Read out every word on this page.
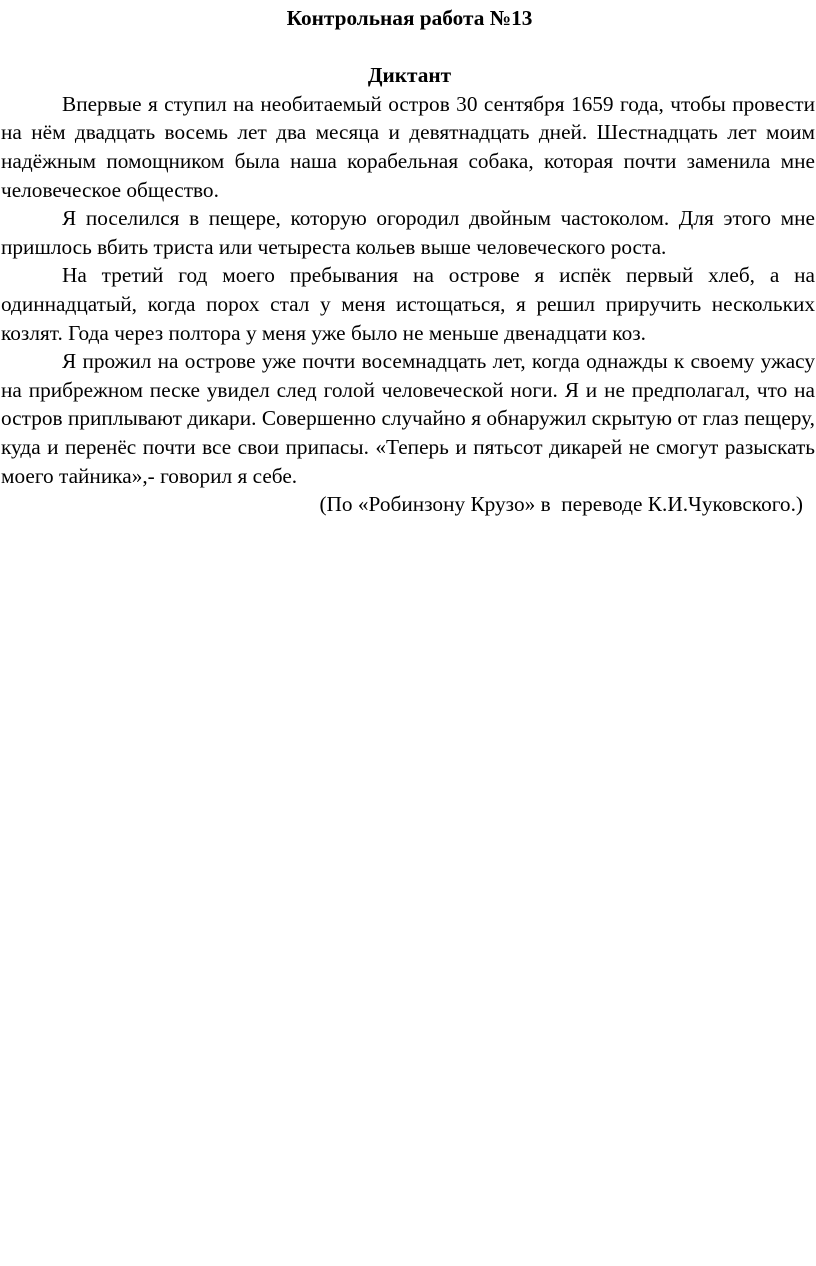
Контрольная работа №13

Диктант

Впервые я ступил на необитаемый остров 30 сентября 1659 года, чтобы провести на нём двадцать восемь лет два месяца и девятнадцать дней. Шестнадцать лет моим надёжным помощником была наша корабельная собака, которая почти заменила мне человеческое общество.

Я поселился в пещере, которую огородил двойным частоколом. Для этого мне пришлось вбить триста или четыреста кольев выше человеческого роста.

На третий год моего пребывания на острове я испёк первый хлеб, а на одиннадцатый, когда порох стал у меня истощаться, я решил приручить нескольких козлят. Года через полтора у меня уже было не меньше двенадцати коз.

Я прожил на острове уже почти восемнадцать лет, когда однажды к своему ужасу на прибрежном песке увидел след голой человеческой ноги. Я и не предполагал, что на остров приплывают дикари. Совершенно случайно я обнаружил скрытую от глаз пещеру, куда и перенёс почти все свои припасы. «Теперь и пятьсот дикарей не смогут разыскать моего тайника»,- говорил я себе.

(По «Робинзону Крузо» в  переводе К.И.Чуковского.)
